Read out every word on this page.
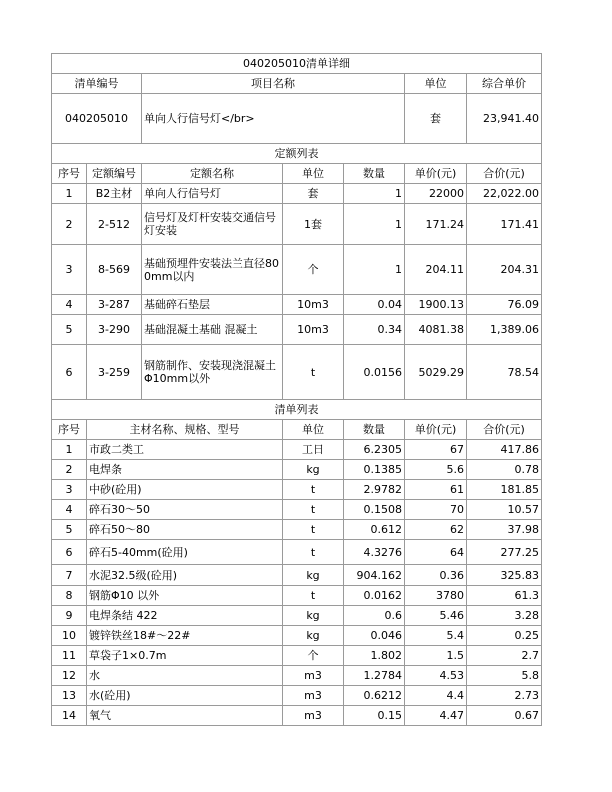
040205010清单详细						
清单编号		项目名称			单位	综合单价
040205010		单向人行信号灯</br>			套	23,941.40
定额列表						
序号	定额编号	定额名称	单位	数量	单价(元)	合价(元)
1	B2主材	单向人行信号灯	套	1	22000	22,022.00
2	2-512	信号灯及灯杆安装交通信号灯安装	1套	1	171.24	171.41
3	8-569	基础预埋件安装法兰直径800mm以内	个	1	204.11	204.31
4	3-287	基础碎石垫层	10m3	0.04	1900.13	76.09
5	3-290	基础混凝土基础 混凝土	10m3	0.34	4081.38	1,389.06
6	3-259	钢筋制作、安装现浇混凝土Φ10mm以外	t	0.0156	5029.29	78.54
清单列表						
序号	主材名称、规格、型号		单位	数量	单价(元)	合价(元)
1	市政二类工		工日	6.2305	67	417.86
2	电焊条		kg	0.1385	5.6	0.78
3	中砂(砼用)		t	2.9782	61	181.85
4	碎石30～50		t	0.1508	70	10.57
5	碎石50～80		t	0.612	62	37.98
6	碎石5-40mm(砼用)		t	4.3276	64	277.25
7	水泥32.5级(砼用)		kg	904.162	0.36	325.83
8	钢筋Φ10 以外		t	0.0162	3780	61.3
9	电焊条结 422		kg	0.6	5.46	3.28
10	镀锌铁丝18#～22#		kg	0.046	5.4	0.25
11	草袋子1×0.7m		个	1.802	1.5	2.7
12	水		m3	1.2784	4.53	5.8
13	水(砼用)		m3	0.6212	4.4	2.73
14	氧气		m3	0.15	4.47	0.67
